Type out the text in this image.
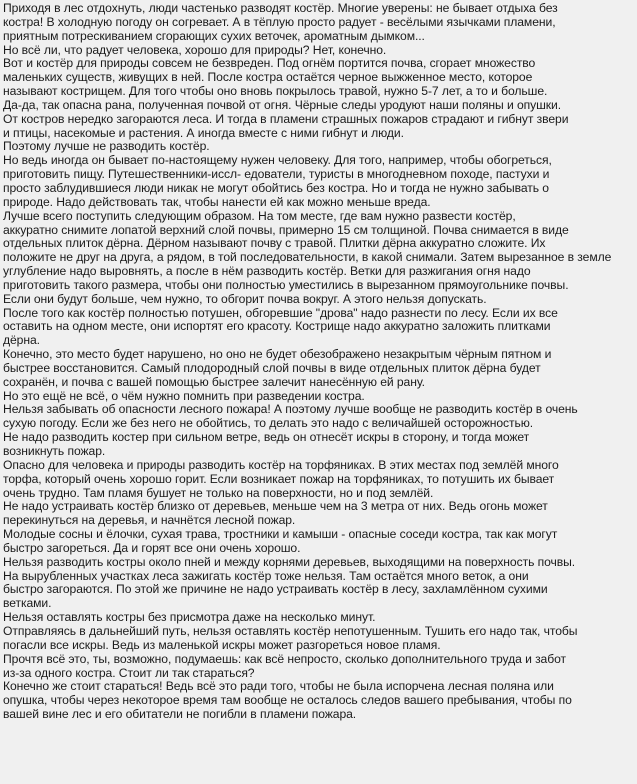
Приходя в лес отдохнуть, люди частенько разводят костёр. Многие уверены: не бывает отдыха без
костра! В холодную погоду он согревает. А в тёплую просто радует - весёлыми язычками пламени,
приятным потрескиванием сгорающих сухих веточек, ароматным дымком...

Но всё ли, что радует человека, хорошо для природы? Нет, конечно.

Вот и костёр для природы совсем не безвреден. Под огнём портится почва, сгорает множество
маленьких существ, живущих в ней. После костра остаётся черное выжженное место, которое
называют кострищем. Для того чтобы оно вновь покрылось травой, нужно 5-7 лет, а то и больше.

Да-да, так опасна рана, полученная почвой от огня. Чёрные следы уродуют наши поляны и опушки.

От костров нередко загораются леса. И тогда в пламени страшных пожаров страдают и гибнут звери
и птицы, насекомые и растения. А иногда вместе с ними гибнут и люди.

Поэтому лучше не разводить костёр.

Но ведь иногда он бывает по-настоящему нужен человеку. Для того, например, чтобы обогреться,
приготовить пищу. Путешественники-иссл- едователи, туристы в многодневном походе, пастухи и
просто заблудившиеся люди никак не могут обойтись без костра. Но и тогда не нужно забывать о
природе. Надо действовать так, чтобы нанести ей как можно меньше вреда.

Лучше всего поступить следующим образом. На том месте, где вам нужно развести костёр,
аккуратно снимите лопатой верхний слой почвы, примерно 15 см толщиной. Почва снимается в виде
отдельных плиток дёрна. Дёрном называют почву с травой. Плитки дёрна аккуратно сложите. Их
положите не друг на друга, а рядом, в той последовательности, в какой снимали. Затем вырезанное в земле
углубление надо выровнять, а после в нём разводить костёр. Ветки для разжигания огня надо
приготовить такого размера, чтобы они полностью уместились в вырезанном прямоугольнике почвы.
Если они будут больше, чем нужно, то обгорит почва вокруг. А этого нельзя допускать.

После того как костёр полностью потушен, обгоревшие "дрова" надо разнести по лесу. Если их все
оставить на одном месте, они испортят его красоту. Кострище надо аккуратно заложить плитками
дёрна.

Конечно, это место будет нарушено, но оно не будет обезображено незакрытым чёрным пятном и
быстрее восстановится. Самый плодородный слой почвы в виде отдельных плиток дёрна будет
сохранён, и почва с вашей помощью быстрее залечит нанесённую ей рану.

Но это ещё не всё, о чём нужно помнить при разведении костра.

Нельзя забывать об опасности лесного пожара! А поэтому лучше вообще не разводить костёр в очень
сухую погоду. Если же без него не обойтись, то делать это надо с величайшей осторожностью.

Не надо разводить костер при сильном ветре, ведь он отнесёт искры в сторону, и тогда может
возникнуть пожар.

Опасно для человека и природы разводить костёр на торфяниках. В этих местах под землёй много
торфа, который очень хорошо горит. Если возникает пожар на торфяниках, то потушить их бывает
очень трудно. Там пламя бушует не только на поверхности, но и под землёй.

Не надо устраивать костёр близко от деревьев, меньше чем на 3 метра от них. Ведь огонь может
перекинуться на деревья, и начнётся лесной пожар.

Молодые сосны и ёлочки, сухая трава, тростники и камыши - опасные соседи костра, так как могут
быстро загореться. Да и горят все они очень хорошо.

Нельзя разводить костры около пней и между корнями деревьев, выходящими на поверхность почвы.

На вырубленных участках леса зажигать костёр тоже нельзя. Там остаётся много веток, а они
быстро загораются. По этой же причине не надо устраивать костёр в лесу, захламлённом сухими
ветками.

Нельзя оставлять костры без присмотра даже на несколько минут.

Отправляясь в дальнейший путь, нельзя оставлять костёр непотушенным. Тушить его надо так, чтобы
погасли все искры. Ведь из маленькой искры может разгореться новое пламя.

Прочтя всё это, ты, возможно, подумаешь: как всё непросто, сколько дополнительного труда и забот
из-за одного костра. Стоит ли так стараться?

Конечно же стоит стараться! Ведь всё это ради того, чтобы не была испорчена лесная поляна или
опушка, чтобы через некоторое время там вообще не осталось следов вашего пребывания, чтобы по
вашей вине лес и его обитатели не погибли в пламени пожара.
